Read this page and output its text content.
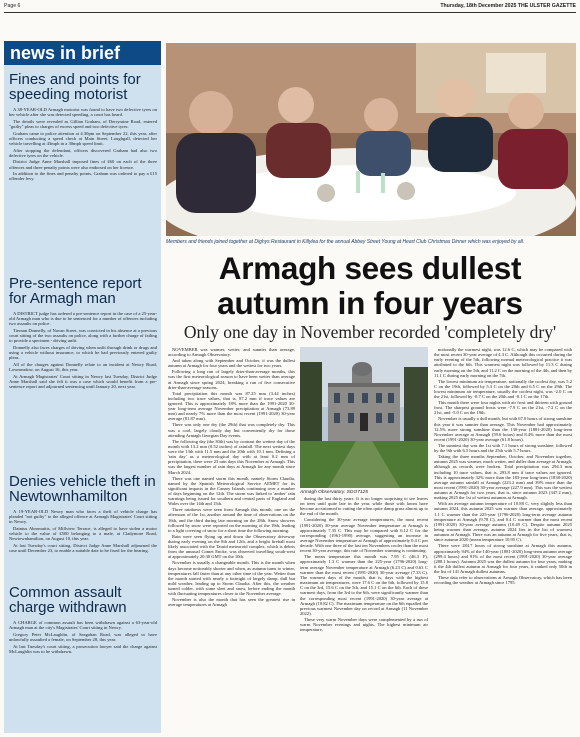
Page 6	Thursday, 18th December 2025 THE ULSTER GAZETTE
news in brief
Fines and points for speeding motorist

A 38-YEAR-OLD Armagh motorist was found to have two defective tyres on her vehicle after she was detected speeding, a court has heard.

The details were revealed as Gillian Graham, of Derryraine Road, entered "guilty" pleas to charges of excess speed and two defective tyres.

Graham came to police attention at 4.30pm on September 22, this year, after officers conducting a speed check at Main Street, Loughgall, detected her vehicle travelling at 43mph in a 30mph speed limit.

After stopping the defendant, officers discovered Graham had also two defective tyres on the vehicle.

District Judge Anne Marshall imposed fines of £60 on each of the three offences and three penalty points were also endorsed on her licence.

In addition to the fines and penalty points, Graham was ordered to pay a £15 offender levy.

Pre-sentence report for Armagh man

A DISTRICT judge has ordered a pre-sentence report in the case of a 25-year-old Armagh man who is due to be sentenced for a number of offences including two assaults on police.

Tiernan Donnelly, of Navan Street, was convicted in his absence at a previous court sitting of the two assaults on police, along with a further charge of failing to provide a specimen - driving unfit.

Donnelly also faces charges of driving when unfit through drink or drugs and using a vehicle without insurance, to which he had previously entered guilty pleas.

All of the charges against Donnelly relate to an incident at Newry Road, Lowmeadow, on August 16, this year.

At Armagh Magistrates' Court sitting in Newry last Tuesday, District Judge Anne Marshall said she felt it was a case which would benefit from a pre-sentence report and adjourned sentencing until January 20, next year.

Denies vehicle theft in Newtownhamilton

A 19-YEAR-OLD Newry man who faces a theft of vehicle charge has pleaded "not guilty" to the alleged offence at Armagh Magistrates' Court sitting in Newry.

Dainius Abromaitis, of Millview Terrace, is alleged to have stolen a motor vehicle to the value of £500 belonging to a male, at Cladymore Road, Newtownhamilton, on August 10, this year.

At last Tuesday's court sitting, District Judge Anne Marshall adjourned the case until December 23, to enable a suitable date to be fixed for the hearing.

Common assault charge withdrawn

A CHARGE of common assault has been withdrawn against a 63-year-old Armagh man at the city's Magistrates' Court sitting in Newry.

Gregory Peter McLaughlin, of Seagahan Road, was alleged to have unlawfully assaulted a female, on September 28, this year.

At last Tuesday's court sitting, a prosecution lawyer said the charge against McLaughlin was to be withdrawn.

Members and friends joined together at Dighys Restaurant in Killylea for the annual Abbey Street Young at Heart Club Christmas Dinner which was enjoyed by all.
Armagh sees dullest autumn in four years
Only one day in November recorded 'completely dry'

NOVEMBER was warmer, wetter, and sunnier than average, according to Armagh Observatory.

And taken along with September and October, it was the dullest autumn at Armagh for four years and the wettest for two years.

Following a long run of largely drier-than-average months, this was the first meteorological season to have been wetter than average at Armagh since spring 2024, breaking a run of five consecutive drier-than-average seasons.

Total precipitation this month was 87.25 mm (3.44 inches) including two trace values, that is, 87.2 mm if trace values are ignored. This is approximately 18% more than the 1991-2020 30-year long-term average November precipitation at Armagh (73.89 mm) and nearly 7% more than the most recent (1991-2020) 30-year average (81.87 mm).

There was only one dry (the 29th) that was completely dry. This was a cool, largely cloudy day but conveniently dry for those attending Armagh Georgian Day events.

The following day (the 30th) was by contrast the wettest day of the month with 13.2 mm (0.52 inches) of rainfall. The next wettest days were the 13th with 11.5 mm and the 20th with 10.1 mm. Defining a 'rain day' as a meteorological day with at least 0.2 mm of precipitation, there were 23 rain days this November at Armagh. This was the largest number of rain days at Armagh for any month since March 2024.

There was one named storm this month, namely Storm Claudia, named by the Spanish Meteorological Service AEMET for its significant impacts in the Canary Islands continuing over a number of days beginning on the 12th. The storm was linked to 'amber' rain warnings being issued for southern and central parts of England and Wales over the 14th and 15th.

Three rainbows were seen from Armagh this month, one on the afternoon of the 1st, another around the time of observations on the 16th, and the third during late morning on the 28th. Snow showers followed by snow were reported on the morning of the 19th, leading to a light covering of snow for a short time the following morning.

Rain were seen flying up and down the Observatory driveway during early evening on the 8th and 12th, and a bright fireball most likely associated with the Taurid meteoroid complex, which is debris from the unusual Comet Encke, was observed travelling south-west at approximately 20:30 GMT on the 10th.

November is usually a changeable month. This is the month when days become noticeably shorter and when, as autumn turns to winter, temperatures fall faster than at any other time of the year. Wetter than the month started with nearly a fortnight of largely damp, dull but mild weather, leading up to Storm Claudia. After this, the weather turned colder, with some sleet and snow, before ending the month with fluctuating temperatures closer to the November average.

November is also the month that has seen the greatest rise in average temperatures at Armagh

Armagh Observatory. SGO7125

during the last thirty years. It is no longer surprising to see leaves on trees until quite late in the year, while those with lawns have become accustomed to cutting the often quite damp grass almost up to the end of the month.

Considering the 30-year average temperatures, the most recent (1991-2020) 30-year average November temperature at Armagh is approximately 7.35 C. This may be compared with 6.12 C for the corresponding (1961-1990) average, suggesting an increase in average November temperature at Armagh of approximately 0.4 C per decade. With one three of the last ten Novembers cooler than the most recent 30-year average, this rate of November warming is continuing.

The mean temperature this month was 7.95 C (46.3 F), approximately 1.3 C warmer than the 225-year (1796-2020) long-term average November temperature at Armagh (6.23 C) and 0.63 C warmer than the most recent (1991-2020) 30-year average (7.33 C). The warmest days of the month, that is, days with the highest maximum air temperatures, were 17.6 C on the 6th, followed by 15.8 C on the 3rd, 15.6 C on the 5th, and 15.1 C on the 6th. Each of these warmest days, from the 3rd to the 6th, were significantly warmer than the corresponding most recent (1991-2020) 30-year average at Armagh (10.82 C). The maximum temperature on the 6th equalled the previous warmest November day on record at Armagh (11 November 2022).

These very warm November days were complemented by a run of warm November evenings and nights. The highest minimum air temperature,

notionally the warmest night, was 12.6 C, which may be compared with the most recent 30-year average of 4.3 C. Although this occurred during the early evening of the 5th, following normal meteorological practice it was attributed to the 6th. This warmest night was followed by 11.3 C during early morning on the 5th, and 11.2 C on the morning of the 4th, and then by 11.1 C during early morning on the 7th.

The lowest minimum air temperature, notionally the coolest day, was 5.2 C on the 19th, followed by 5.3 C on the 20th and 6.5 C on the 29th. The lowest minimum air temperature, usually the coolest night, was -2.0 C on the 21st, followed by -0.7 C on the 20th and -0.1 C on the 17th.

This month there were four nights with air frost and thirteen with ground frost. The sharpest ground frosts were -7.9 C on the 21st, -7.2 C on the 21st, and -5.0 C on the 19th.

November is usually a dull month, but with 67.0 hours of strong sunshine this year it was sunnier than average. This November had approximately 12.5% more strong sunshine than the 130-year (1881-2020) long-term November average at Armagh (59.6 hours) and 8.4% more than the most recent (1991-2020) 30-year average (61.8 hours).

The sunniest day was the 1st with 7.1 hours of strong sunshine, followed by the 9th with 6.5 hours and the 25th with 5.7 hours.

Taking the three months September, October, and November together, autumn 2025 was warmer, much wetter, and duller than average at Armagh, although as records were broken. Total precipitation was 294.3 mm including 10 trace values, that is, 293.8 mm if trace values are ignored. This is approximately 32% more than the 183-year long-term (1838-2020) average autumn rainfall at Armagh (223.2 mm) and 39% more than the most recent (1991-2020) 30-year average (227.9 mm). This was the wettest autumn at Armagh for two years, that is, since autumn 2023 (347.2 mm), making 2025 the 1st of wettest autumns at Armagh.

With an average autumn temperature of 10.88 C, very slightly less than autumn 2024, this autumn 2025 was warmer than average, approximately 1.1 C warmer than the 225-year (1796-2020) long-term average autumn temperature at Armagh (9.78 C), and 0.4 C warmer than the most recent (1991-2020) 30-year average autumn (10.49 C). Despite autumn 2025 being warmer than average, autumn 2024 lies in the list of warmest autumns at Armagh. There was an autumn at Armagh for five years, that is, since autumn 2020 (mean temperature 10.95 C).

There were 284.7 hours of strong sunshine at Armagh this autumn, approximately 94% of the 140-year (1881-2020) long-term autumn average (299.4 hours) and 91% of the most recent (1991-2020) 30-year average (288.1 hours). Autumn 2025 was the dullest autumn for four years, making it the 4th dullest autumn at Armagh for four years, it ranked only 50th in the list of 141 Armagh dullest autumns.

These data refer to observations at Armagh Observatory, which has been recording the weather at Armagh since 1795.
